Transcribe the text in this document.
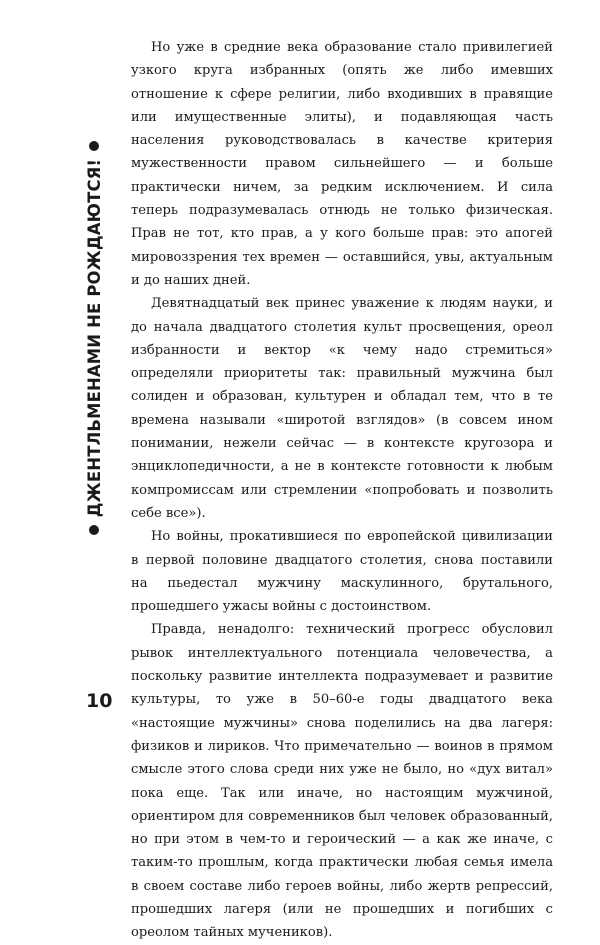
ДЖЕНТЛЬМЕНАМИ НЕ РОЖДАЮТСЯ!

Но уже в средние века образование стало привилегией узкого круга избранных (опять же либо имевших отношение к сфере религии, либо входивших в правящие или имущественные элиты), и подавляющая часть населения руководствовалась в качестве критерия мужественности правом сильнейшего — и больше практически ничем, за редким исключением. И сила теперь подразумевалась отнюдь не только физическая. Прав не тот, кто прав, а у кого больше прав: это апогей мировоззрения тех времен — оставшийся, увы, актуальным и до наших дней.

Девятнадцатый век принес уважение к людям науки, и до начала двадцатого столетия культ просвещения, ореол избранности и вектор «к чему надо стремиться» определяли приоритеты так: правильный мужчина был солиден и образован, культурен и обладал тем, что в те времена называли «широтой взглядов» (в совсем ином понимании, нежели сейчас — в контексте кругозора и энциклопедичности, а не в контексте готовности к любым компромиссам или стремлении «попробовать и позволить себе все»).

Но войны, прокатившиеся по европейской цивилизации в первой половине двадцатого столетия, снова поставили на пьедестал мужчину маскулинного, брутального, прошедшего ужасы войны с достоинством.

Правда, ненадолго: технический прогресс обусловил рывок интеллектуального потенциала человечества, а поскольку развитие интеллекта подразумевает и развитие культуры, то уже в 50–60-е годы двадцатого века «настоящие мужчины» снова поделились на два лагеря: физиков и лириков. Что примечательно — воинов в прямом смысле этого слова среди них уже не было, но «дух витал» пока еще. Так или иначе, но настоящим мужчиной, ориентиром для современников был человек образованный, но при этом в чем-то и героический — а как же иначе, с таким-то прошлым, когда практически любая семья имела в своем составе либо героев войны, либо жертв репрессий, прошедших лагеря (или не прошедших и погибших с ореолом тайных мучеников).

10
